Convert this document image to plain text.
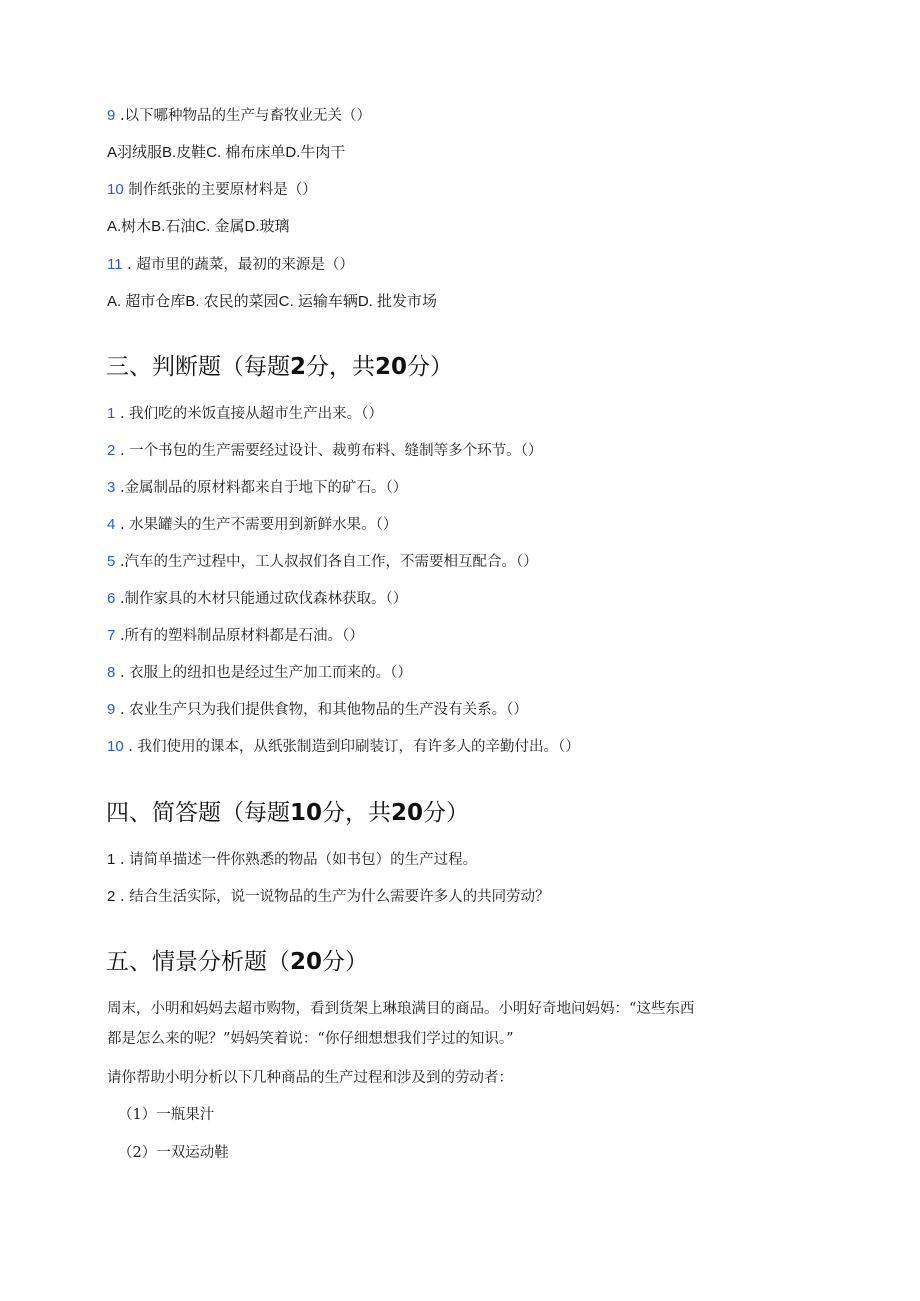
9 .以下哪种物品的生产与畜牧业无关（）
A羽绒服B.皮鞋C. 棉布床单D.牛肉干
10 制作纸张的主要原材料是（）
A.树木B.石油C. 金属D.玻璃
11 . 超市里的蔬菜，最初的来源是（）
A. 超市仓库B. 农民的菜园C. 运输车辆D. 批发市场
三、判断题（每题2分，共20分）
1 . 我们吃的米饭直接从超市生产出来。（）
2 . 一个书包的生产需要经过设计、裁剪布料、缝制等多个环节。（）
3 .金属制品的原材料都来自于地下的矿石。（）
4 . 水果罐头的生产不需要用到新鲜水果。（）
5 .汽车的生产过程中，工人叔叔们各自工作，不需要相互配合。（）
6 .制作家具的木材只能通过砍伐森林获取。（）
7 .所有的塑料制品原材料都是石油。（）
8 . 衣服上的纽扣也是经过生产加工而来的。（）
9 . 农业生产只为我们提供食物，和其他物品的生产没有关系。（）
10 . 我们使用的课本，从纸张制造到印刷装订，有许多人的辛勤付出。（）
四、简答题（每题10分，共20分）
1 . 请简单描述一件你熟悉的物品（如书包）的生产过程。
2 . 结合生活实际，说一说物品的生产为什么需要许多人的共同劳动？
五、情景分析题（20分）
周末，小明和妈妈去超市购物，看到货架上琳琅满目的商品。小明好奇地问妈妈：“这些东西
都是怎么来的呢？”妈妈笑着说：“你仔细想想我们学过的知识。”
请你帮助小明分析以下几种商品的生产过程和涉及到的劳动者：
（1）一瓶果汁
（2）一双运动鞋
